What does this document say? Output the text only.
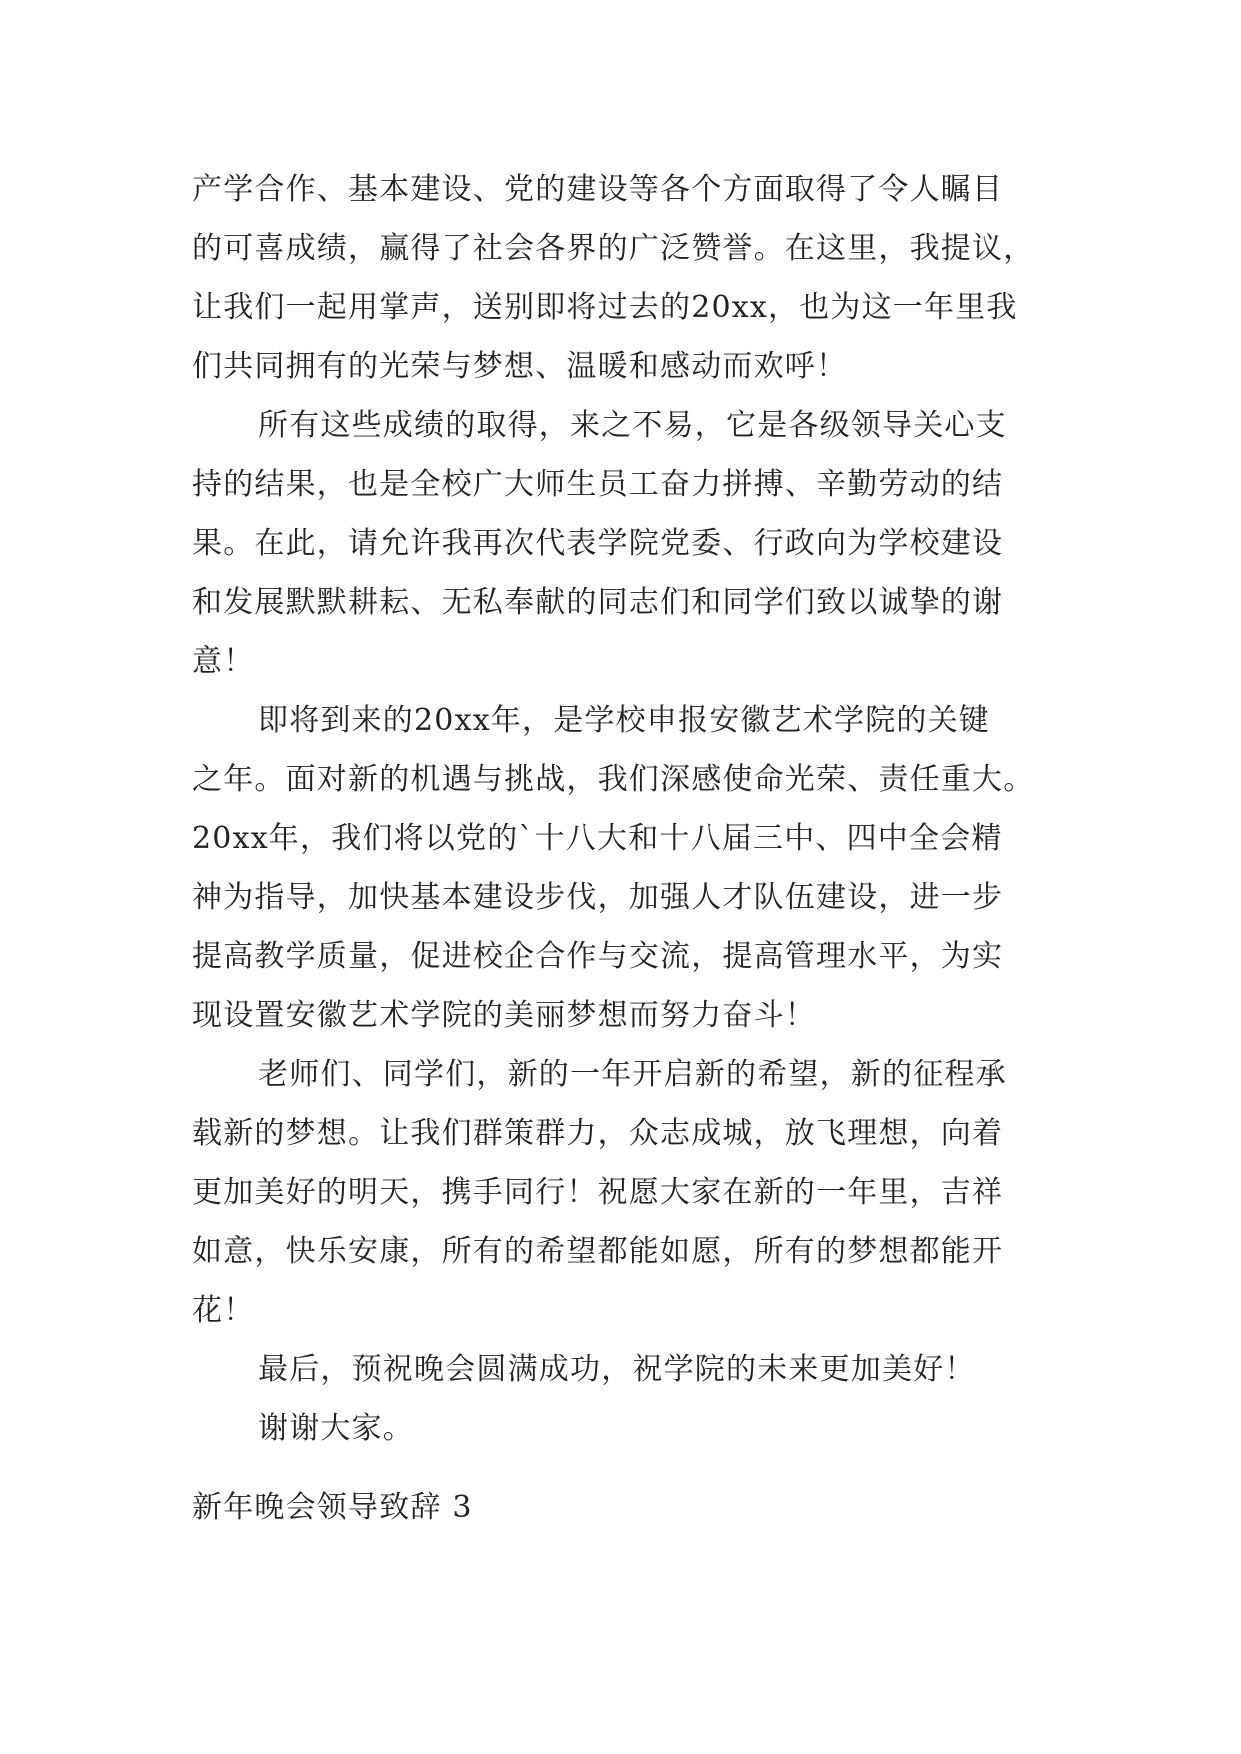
产学合作、基本建设、党的建设等各个方面取得了令人瞩目
的可喜成绩，赢得了社会各界的广泛赞誉。在这里，我提议，
让我们一起用掌声，送别即将过去的20xx，也为这一年里我
们共同拥有的光荣与梦想、温暖和感动而欢呼！

所有这些成绩的取得，来之不易，它是各级领导关心支
持的结果，也是全校广大师生员工奋力拼搏、辛勤劳动的结
果。在此，请允许我再次代表学院党委、行政向为学校建设
和发展默默耕耘、无私奉献的同志们和同学们致以诚挚的谢
意！

即将到来的20xx年，是学校申报安徽艺术学院的关键
之年。面对新的机遇与挑战，我们深感使命光荣、责任重大。
20xx年，我们将以党的`十八大和十八届三中、四中全会精
神为指导，加快基本建设步伐，加强人才队伍建设，进一步
提高教学质量，促进校企合作与交流，提高管理水平，为实
现设置安徽艺术学院的美丽梦想而努力奋斗！

老师们、同学们，新的一年开启新的希望，新的征程承
载新的梦想。让我们群策群力，众志成城，放飞理想，向着
更加美好的明天，携手同行！祝愿大家在新的一年里，吉祥
如意，快乐安康，所有的希望都能如愿，所有的梦想都能开
花！

最后，预祝晚会圆满成功，祝学院的未来更加美好！

谢谢大家。

新年晚会领导致辞 3
